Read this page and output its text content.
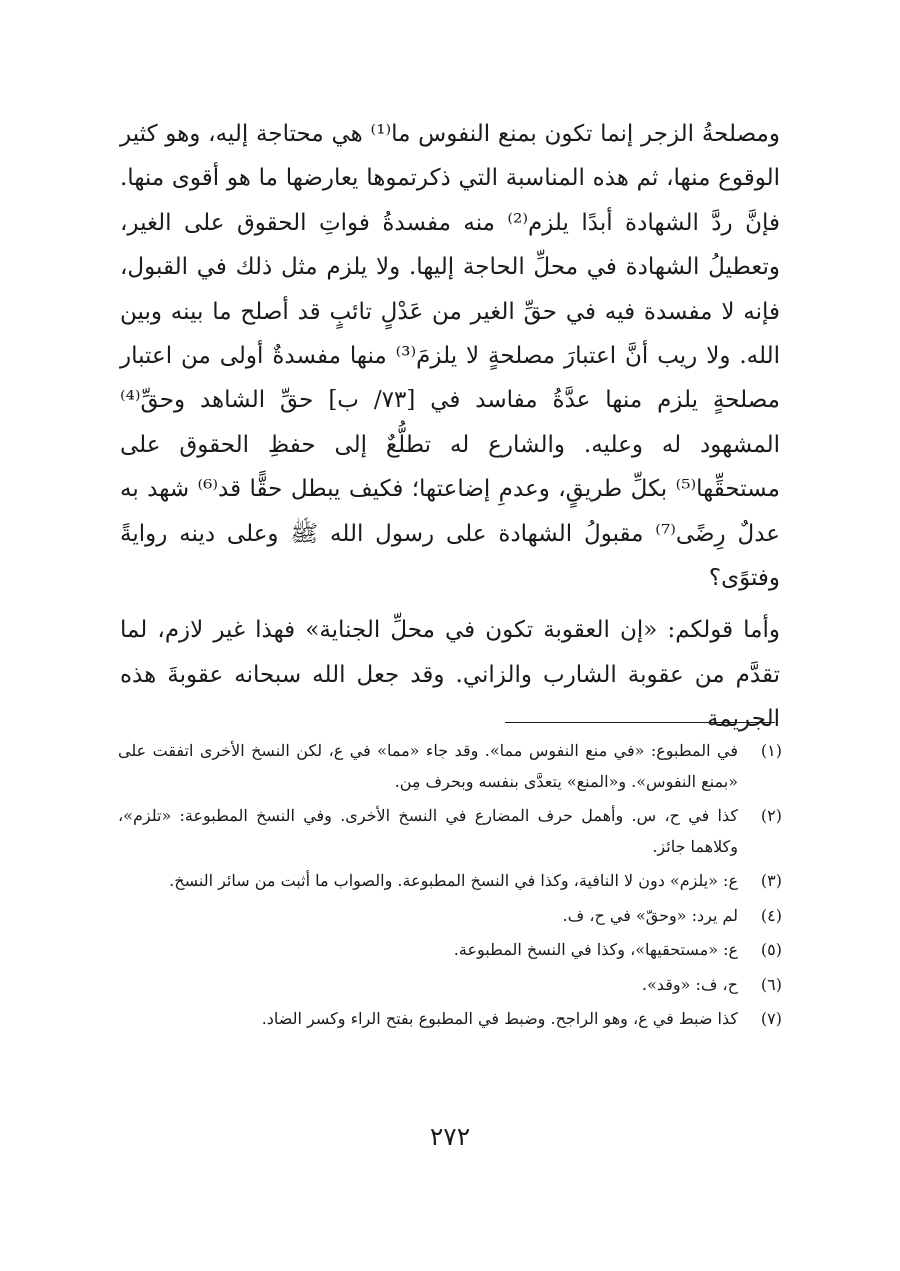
ومصلحةُ الزجر إنما تكون بمنع النفوس ما⁽¹⁾ هي محتاجة إليه، وهو كثير الوقوع منها، ثم هذه المناسبة التي ذكرتموها يعارضها ما هو أقوى منها. فإنَّ ردَّ الشهادة أبدًا يلزم⁽²⁾ منه مفسدةُ فواتِ الحقوق على الغير، وتعطيلُ الشهادة في محلِّ الحاجة إليها. ولا يلزم مثل ذلك في القبول، فإنه لا مفسدة فيه في حقِّ الغير من عَدْلٍ تائبٍ قد أصلح ما بينه وبين الله. ولا ريب أنَّ اعتبارَ مصلحةٍ لا يلزمَ⁽³⁾ منها مفسدةٌ أولى من اعتبار مصلحةٍ يلزم منها عدَّةُ مفاسد في [٧٣/ ب] حقِّ الشاهد وحقِّ⁽⁴⁾ المشهود له وعليه. والشارع له تطلُّعٌ إلى حفظِ الحقوق على مستحقِّها⁽⁵⁾ بكلِّ طريقٍ، وعدمِ إضاعتها؛ فكيف يبطل حقًّا قد⁽⁶⁾ شهد به عدلٌ رِضًى⁽⁷⁾ مقبولُ الشهادة على رسول الله ﷺ وعلى دينه روايةً وفتوًى؟

وأما قولكم: «إن العقوبة تكون في محلِّ الجناية» فهذا غير لازم، لما تقدَّم من عقوبة الشارب والزاني. وقد جعل الله سبحانه عقوبةَ هذه الجريمة

(١)
في المطبوع: «في منع النفوس مما». وقد جاء «مما» في ع، لكن النسخ الأخرى اتفقت على «بمنع النفوس». و«المنع» يتعدَّى بنفسه وبحرف مِن.
(٢)
كذا في ح، س. وأهمل حرف المضارع في النسخ الأخرى. وفي النسخ المطبوعة: «تلزم»، وكلاهما جائز.
(٣)
ع: «يلزم» دون لا النافية، وكذا في النسخ المطبوعة. والصواب ما أثبت من سائر النسخ.
(٤)
لم يرد: «وحقّ» في ح، ف.
(٥)
ع: «مستحقيها»، وكذا في النسخ المطبوعة.
(٦)
ح، ف: «وقد».
(٧)
كذا ضبط في ع، وهو الراجح. وضبط في المطبوع بفتح الراء وكسر الضاد.
٢٧٢
